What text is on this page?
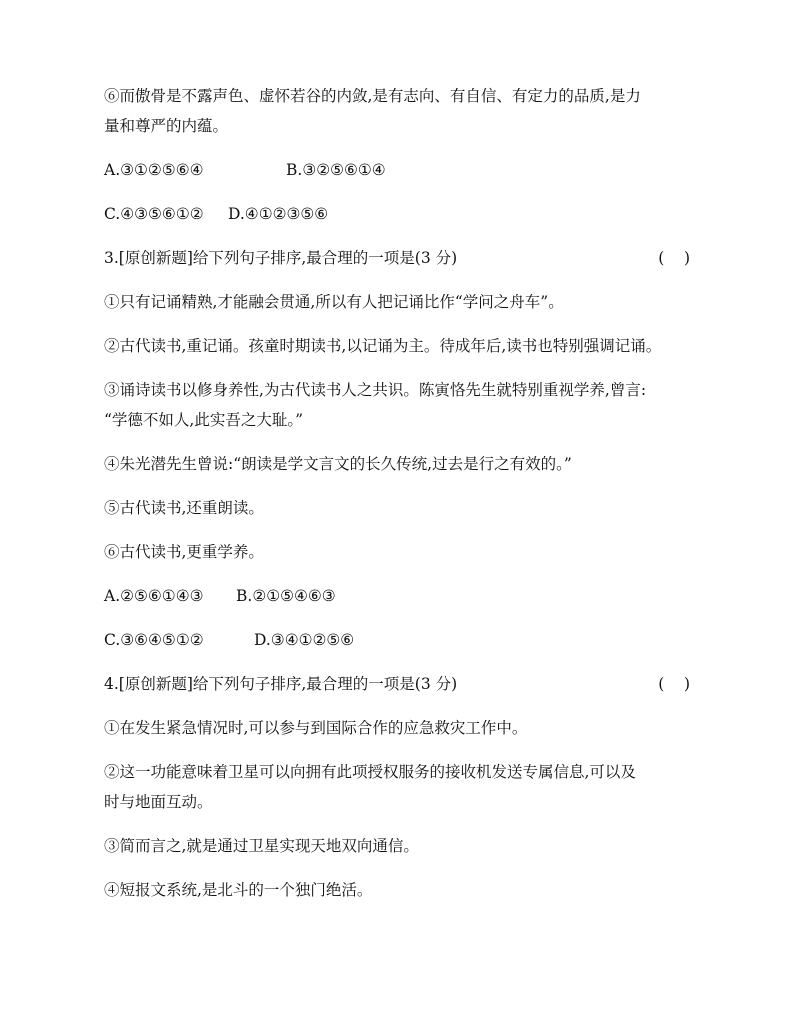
⑥而傲骨是不露声色、虚怀若谷的内敛,是有志向、有自信、有定力的品质,是力
量和尊严的内蕴。
A.③①②⑤⑥④	B.③②⑤⑥①④
C.④③⑤⑥①② D.④①②③⑤⑥
3.[原创新题]给下列句子排序,最合理的一项是(3 分)	(    )
①只有记诵精熟,才能融会贯通,所以有人把记诵比作“学问之舟车”。
②古代读书,重记诵。孩童时期读书,以记诵为主。待成年后,读书也特别强调记诵。
③诵诗读书以修身养性,为古代读书人之共识。陈寅恪先生就特别重视学养,曾言:
“学德不如人,此实吾之大耻。”
④朱光潜先生曾说:“朗读是学文言文的长久传统,过去是行之有效的。”
⑤古代读书,还重朗读。
⑥古代读书,更重学养。
A.②⑤⑥①④③ B.②①⑤④⑥③
C.③⑥④⑤①②	D.③④①②⑤⑥
4.[原创新题]给下列句子排序,最合理的一项是(3 分)	(    )
①在发生紧急情况时,可以参与到国际合作的应急救灾工作中。
②这一功能意味着卫星可以向拥有此项授权服务的接收机发送专属信息,可以及
时与地面互动。
③简而言之,就是通过卫星实现天地双向通信。
④短报文系统,是北斗的一个独门绝活。
